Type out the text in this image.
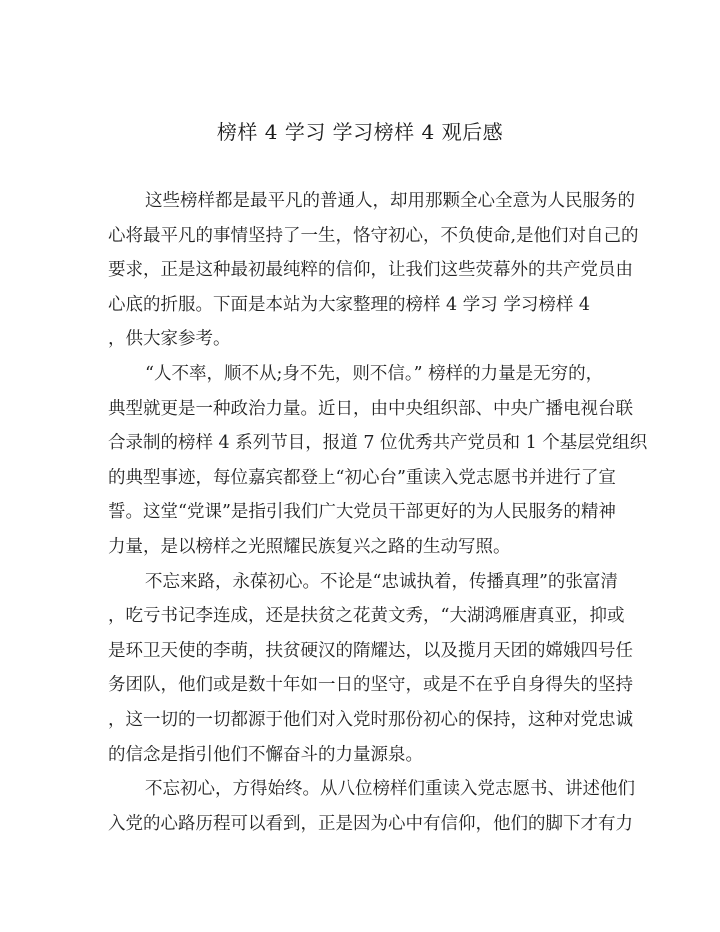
榜样 4 学习 学习榜样 4 观后感
这些榜样都是最平凡的普通人，却用那颗全心全意为人民服务的
心将最平凡的事情坚持了一生，恪守初心，不负使命,是他们对自己的
要求，正是这种最初最纯粹的信仰，让我们这些荧幕外的共产党员由
心底的折服。下面是本站为大家整理的榜样 4 学习 学习榜样 4
，供大家参考。
“人不率，顺不从;身不先，则不信。” 榜样的力量是无穷的，
典型就更是一种政治力量。近日，由中央组织部、中央广播电视台联
合录制的榜样 4 系列节目，报道 7 位优秀共产党员和 1 个基层党组织
的典型事迹，每位嘉宾都登上“初心台”重读入党志愿书并进行了宣
誓。这堂“党课”是指引我们广大党员干部更好的为人民服务的精神
力量，是以榜样之光照耀民族复兴之路的生动写照。
不忘来路，永葆初心。不论是“忠诚执着，传播真理”的张富清
，吃亏书记李连成，还是扶贫之花黄文秀，“大湖鸿雁唐真亚，抑或
是环卫天使的李萌，扶贫硬汉的隋耀达，以及揽月天团的嫦娥四号任
务团队，他们或是数十年如一日的坚守，或是不在乎自身得失的坚持
，这一切的一切都源于他们对入党时那份初心的保持，这种对党忠诚
的信念是指引他们不懈奋斗的力量源泉。
不忘初心，方得始终。从八位榜样们重读入党志愿书、讲述他们
入党的心路历程可以看到，正是因为心中有信仰，他们的脚下才有力
